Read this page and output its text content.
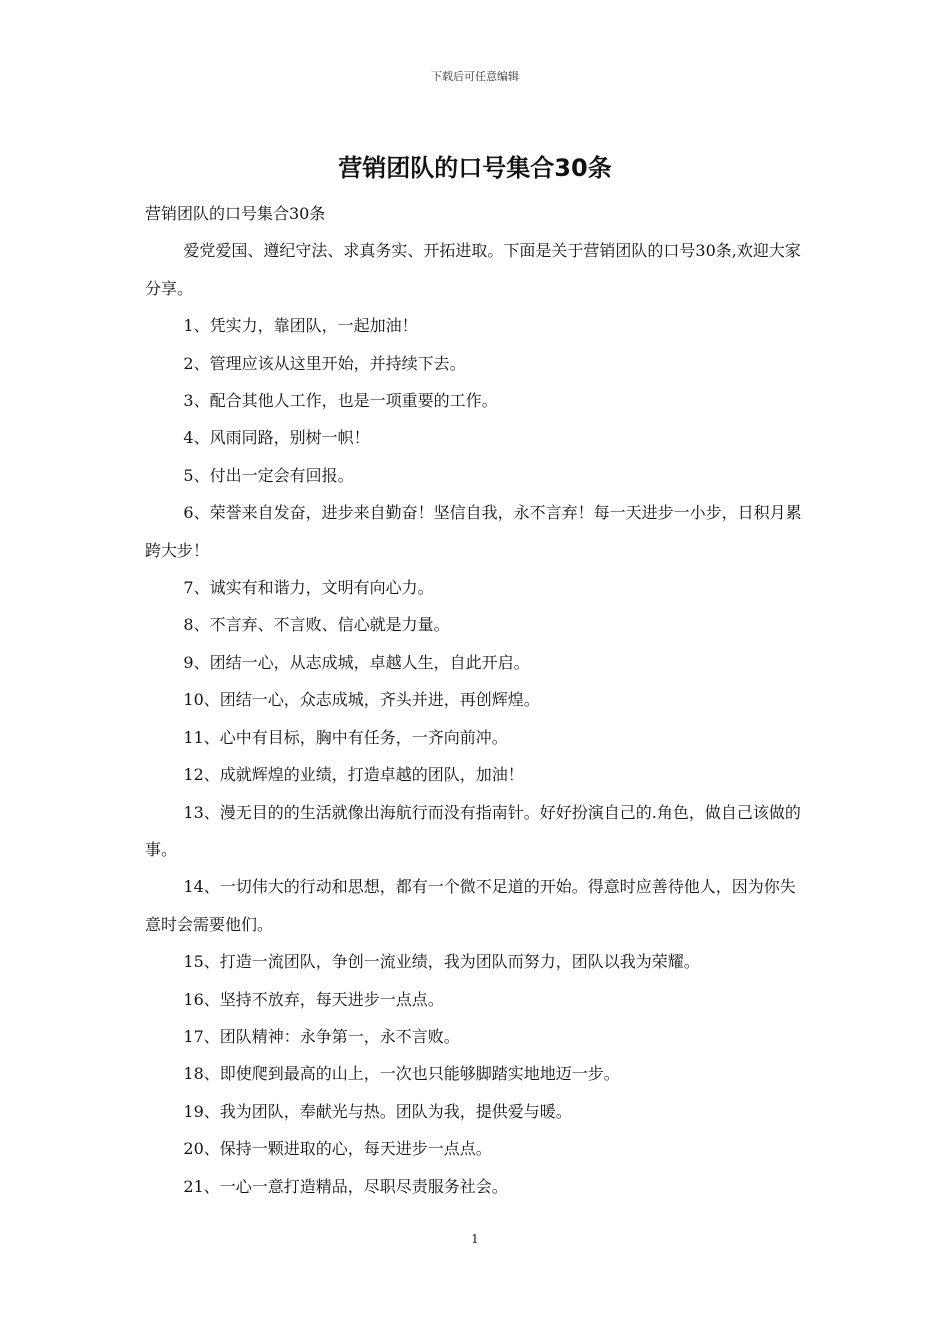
下载后可任意编辑
营销团队的口号集合30条

营销团队的口号集合30条

爱党爱国、遵纪守法、求真务实、开拓进取。下面是关于营销团队的口号30条,欢迎大家分享。

1、凭实力，靠团队，一起加油！

2、管理应该从这里开始，并持续下去。

3、配合其他人工作，也是一项重要的工作。

4、风雨同路，别树一帜！

5、付出一定会有回报。

6、荣誉来自发奋，进步来自勤奋！坚信自我，永不言弃！每一天进步一小步，日积月累跨大步！

7、诚实有和谐力，文明有向心力。

8、不言弃、不言败、信心就是力量。

9、团结一心，从志成城，卓越人生，自此开启。

10、团结一心，众志成城，齐头并进，再创辉煌。

11、心中有目标，胸中有任务，一齐向前冲。

12、成就辉煌的业绩，打造卓越的团队，加油！

13、漫无目的的生活就像出海航行而没有指南针。好好扮演自己的.角色，做自己该做的事。

14、一切伟大的行动和思想，都有一个微不足道的开始。得意时应善待他人，因为你失意时会需要他们。

15、打造一流团队，争创一流业绩，我为团队而努力，团队以我为荣耀。

16、坚持不放弃，每天进步一点点。

17、团队精神：永争第一，永不言败。

18、即使爬到最高的山上，一次也只能够脚踏实地地迈一步。

19、我为团队，奉献光与热。团队为我，提供爱与暖。

20、保持一颗进取的心，每天进步一点点。

21、一心一意打造精品，尽职尽责服务社会。

1
